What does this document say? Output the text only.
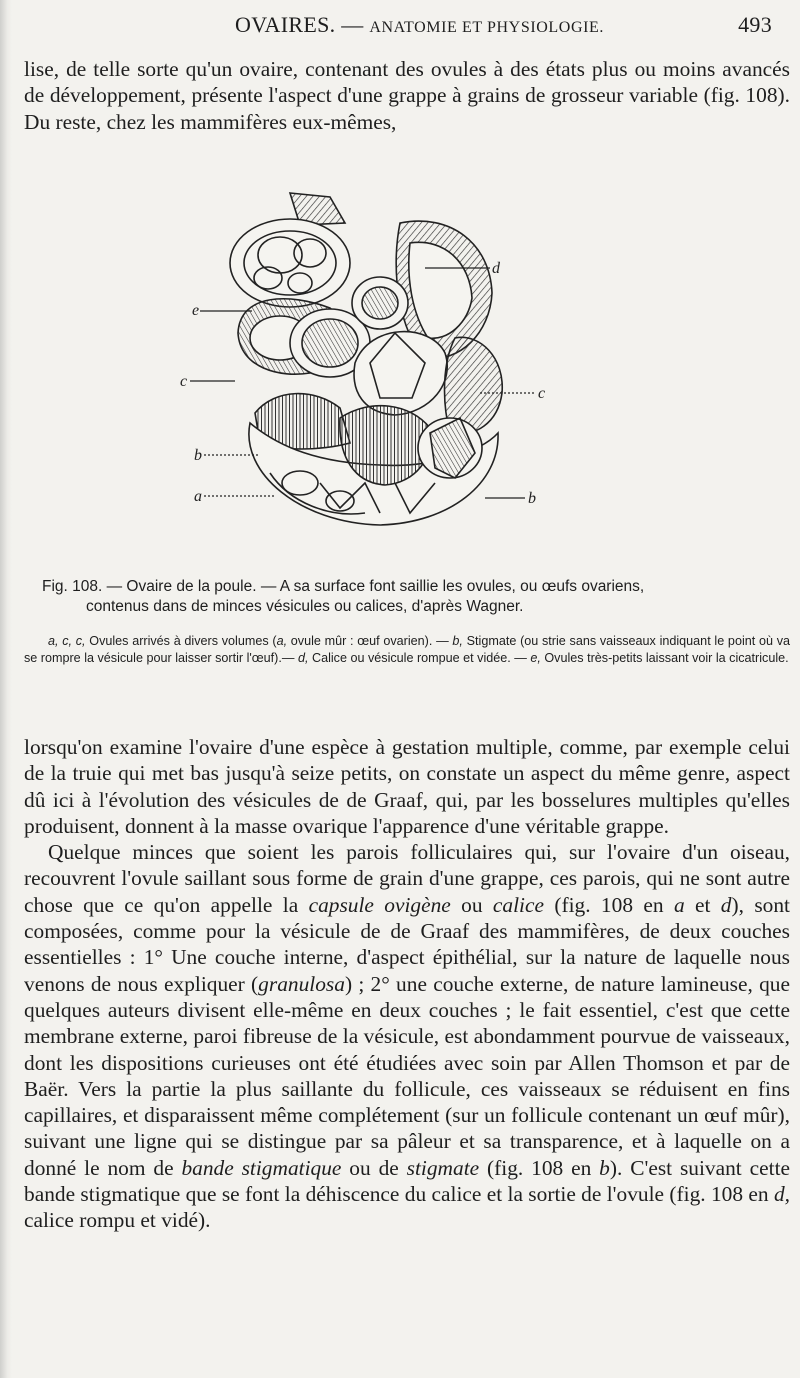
OVAIRES. — ANATOMIE ET PHYSIOLOGIE.	493
lise, de telle sorte qu'un ovaire, contenant des ovules à des états plus ou moins avancés de développement, présente l'aspect d'une grappe à grains de grosseur variable (fig. 108). Du reste, chez les mammifères eux-mêmes,
d
e
c
c
b
b
a
Fig. 108. — Ovaire de la poule. — A sa surface font saillie les ovules, ou œufs ovariens,
contenus dans de minces vésicules ou calices, d'après Wagner.
a, c, c, Ovules arrivés à divers volumes (a, ovule mûr : œuf ovarien). — b, Stigmate (ou strie sans vaisseaux indiquant le point où va se rompre la vésicule pour laisser sortir l'œuf).— d, Calice ou vésicule rompue et vidée. — e, Ovules très-petits laissant voir la cicatricule.
lorsqu'on examine l'ovaire d'une espèce à gestation multiple, comme, par exemple celui de la truie qui met bas jusqu'à seize petits, on constate un aspect du même genre, aspect dû ici à l'évolution des vésicules de de Graaf, qui, par les bosselures multiples qu'elles produisent, donnent à la masse ovarique l'apparence d'une véritable grappe.
Quelque minces que soient les parois folliculaires qui, sur l'ovaire d'un oiseau, recouvrent l'ovule saillant sous forme de grain d'une grappe, ces parois, qui ne sont autre chose que ce qu'on appelle la capsule ovigène ou calice (fig. 108 en a et d), sont composées, comme pour la vésicule de de Graaf des mammifères, de deux couches essentielles : 1° Une couche interne, d'aspect épithélial, sur la nature de laquelle nous venons de nous expliquer (granulosa) ; 2° une couche externe, de nature lamineuse, que quelques auteurs divisent elle-même en deux couches ; le fait essentiel, c'est que cette membrane externe, paroi fibreuse de la vésicule, est abondamment pourvue de vaisseaux, dont les dispositions curieuses ont été étudiées avec soin par Allen Thomson et par de Baër. Vers la partie la plus saillante du follicule, ces vaisseaux se réduisent en fins capillaires, et disparaissent même complétement (sur un follicule contenant un œuf mûr), suivant une ligne qui se distingue par sa pâleur et sa transparence, et à laquelle on a donné le nom de bande stigmatique ou de stigmate (fig. 108 en b). C'est suivant cette bande stigmatique que se font la déhiscence du calice et la sortie de l'ovule (fig. 108 en d, calice rompu et vidé).
